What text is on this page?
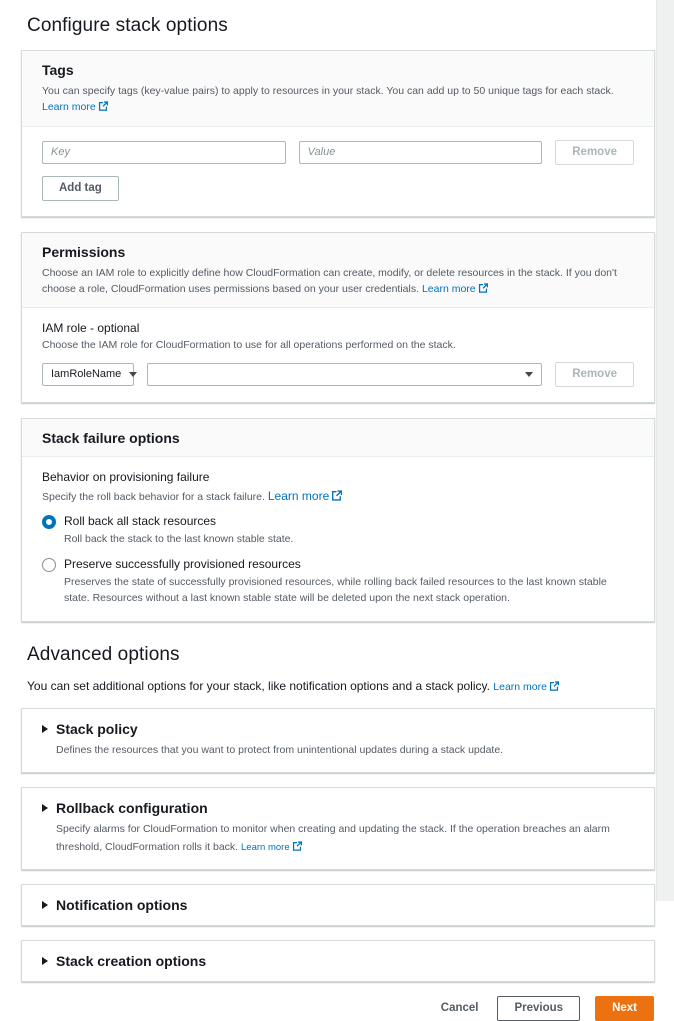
Configure stack options
Tags
You can specify tags (key-value pairs) to apply to resources in your stack. You can add up to 50 unique tags for each stack. Learn more
Key
Value
Remove
Add tag
Permissions
Choose an IAM role to explicitly define how CloudFormation can create, modify, or delete resources in the stack. If you don't choose a role, CloudFormation uses permissions based on your user credentials. Learn more
IAM role - optional
Choose the IAM role for CloudFormation to use for all operations performed on the stack.
IamRoleName	Remove
Stack failure options
Behavior on provisioning failure
Specify the roll back behavior for a stack failure. Learn more
Roll back all stack resources
Roll back the stack to the last known stable state.
Preserve successfully provisioned resources
Preserves the state of successfully provisioned resources, while rolling back failed resources to the last known stable state. Resources without a last known stable state will be deleted upon the next stack operation.
Advanced options
You can set additional options for your stack, like notification options and a stack policy. Learn more
Stack policy
Defines the resources that you want to protect from unintentional updates during a stack update.
Rollback configuration
Specify alarms for CloudFormation to monitor when creating and updating the stack. If the operation breaches an alarm threshold, CloudFormation rolls it back. Learn more
Notification options
Stack creation options
Cancel	Previous	Next
